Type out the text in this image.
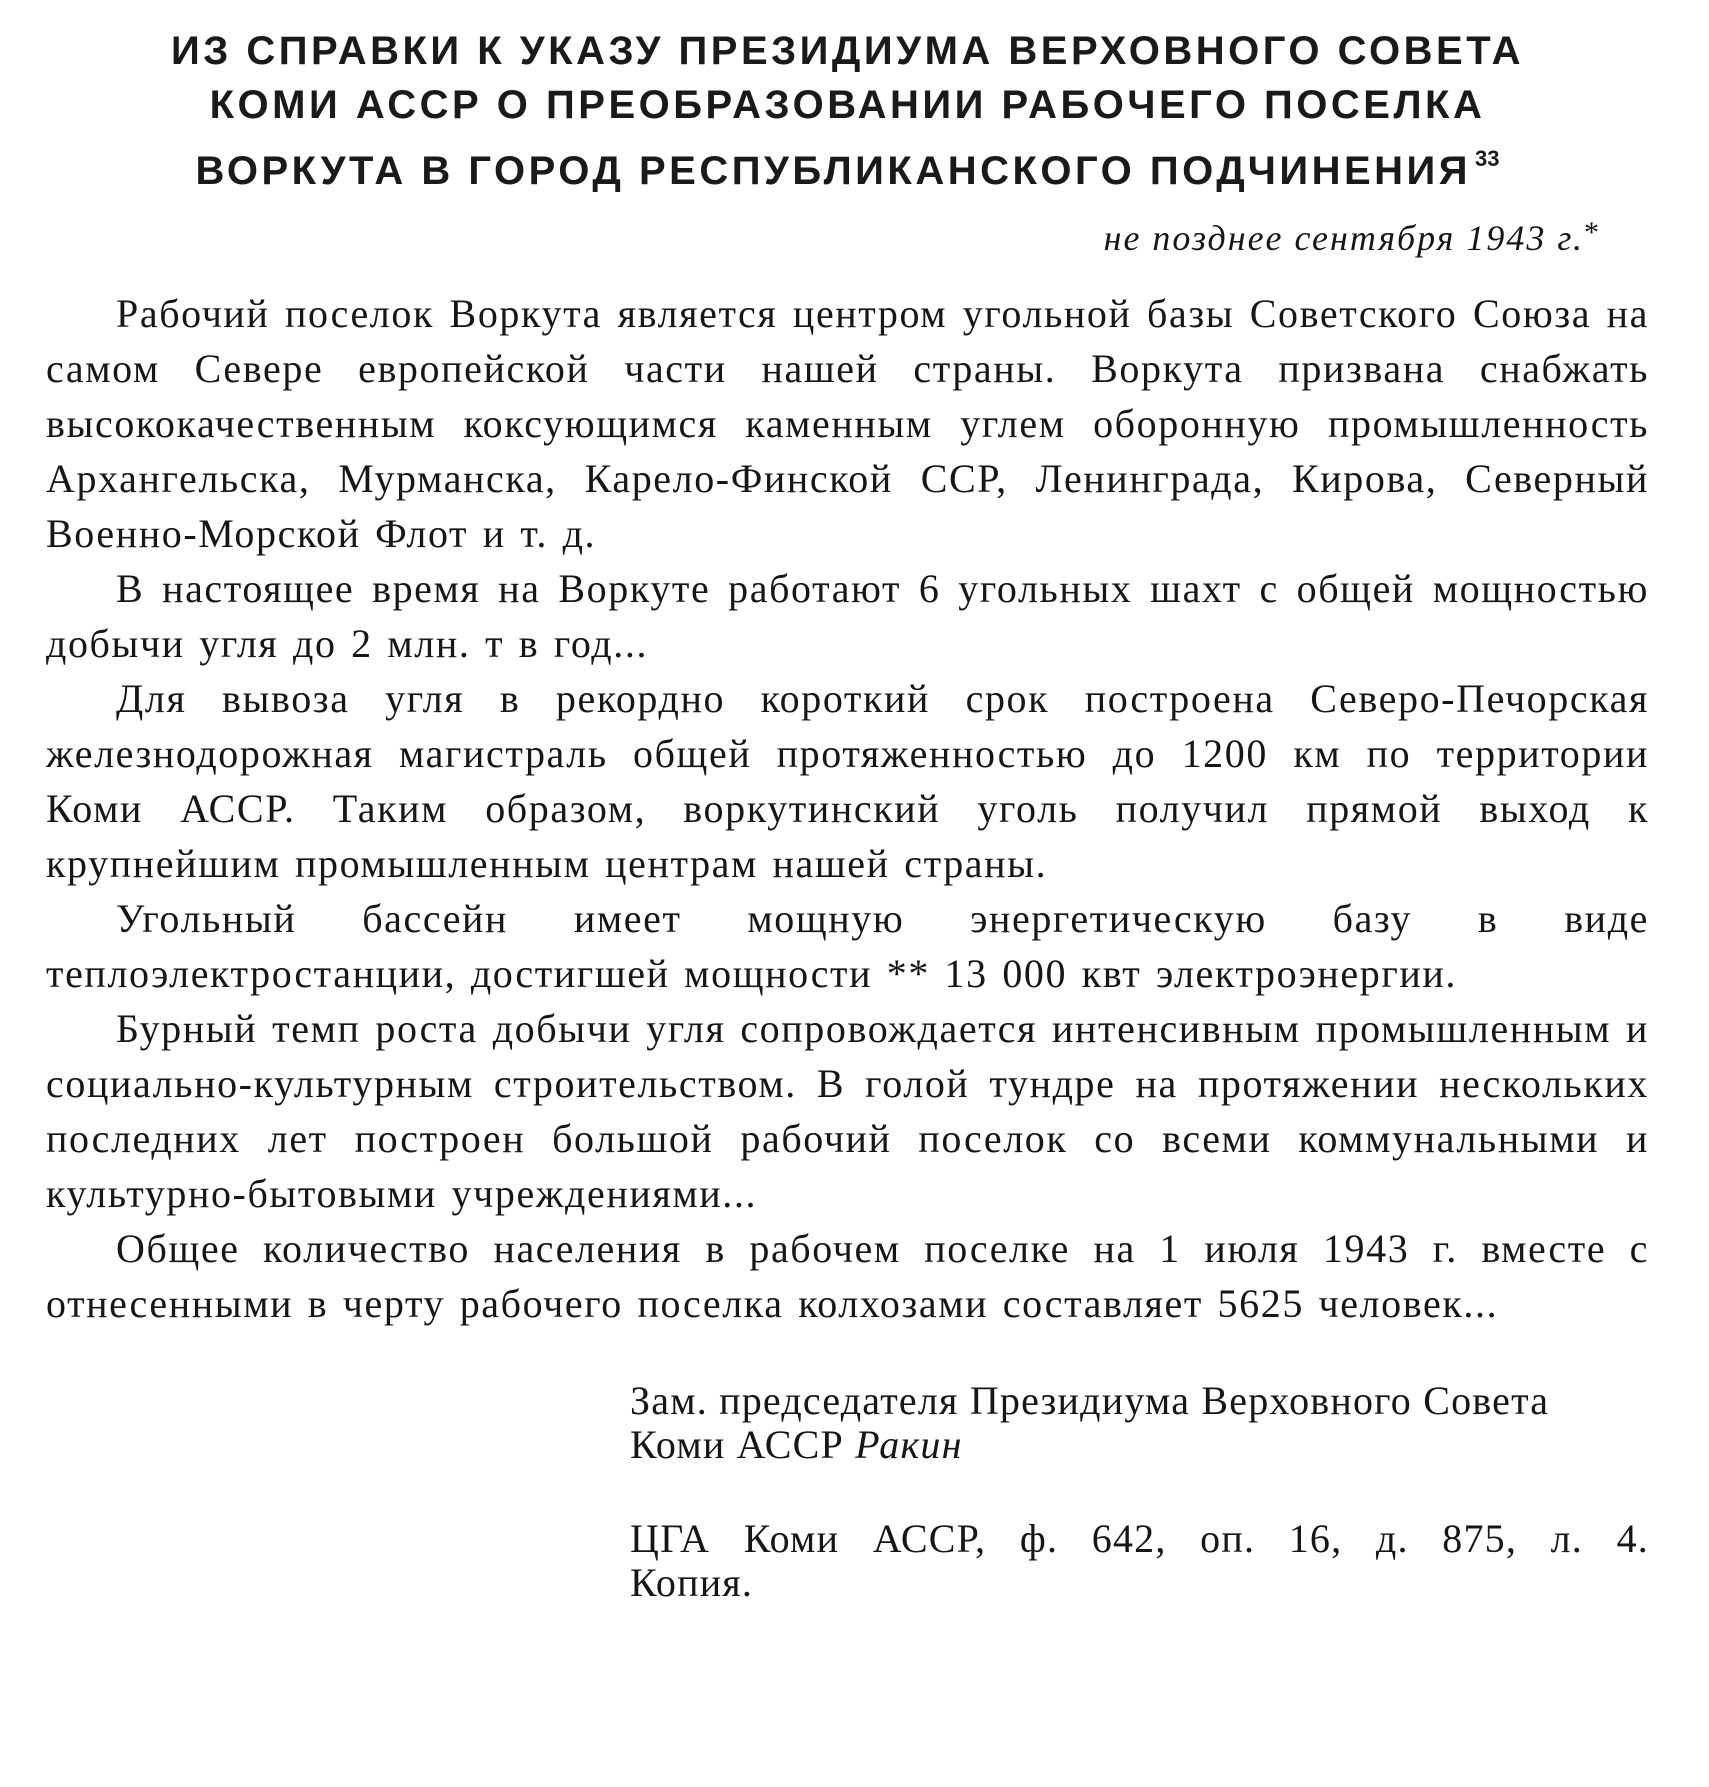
ИЗ СПРАВКИ К УКАЗУ ПРЕЗИДИУМА ВЕРХОВНОГО СОВЕТА
КОМИ АССР О ПРЕОБРАЗОВАНИИ РАБОЧЕГО ПОСЕЛКА
ВОРКУТА В ГОРОД РЕСПУБЛИКАНСКОГО ПОДЧИНЕНИЯ $^{33}$
не позднее сентября 1943 г.*

Рабочий поселок Воркута является центром угольной базы Советского Союза на самом Севере европейской части нашей страны. Воркута призвана снабжать высококачественным коксующимся каменным углем оборонную промышленность Архангельска, Мурманска, Карело-Финской ССР, Ленинграда, Кирова, Северный Военно-Морской Флот и т. д.

В настоящее время на Воркуте работают 6 угольных шахт с общей мощностью добычи угля до 2 млн. т в год...

Для вывоза угля в рекордно короткий срок построена Северо-Печорская железнодорожная магистраль общей протяженностью до 1200 км по территории Коми АССР. Таким образом, воркутинский уголь получил прямой выход к крупнейшим промышленным центрам нашей страны.

Угольный бассейн имеет мощную энергетическую базу в виде теплоэлектростанции, достигшей мощности ** 13 000 квт электроэнергии.

Бурный темп роста добычи угля сопровождается интенсивным промышленным и социально-культурным строительством. В голой тундре на протяжении нескольких последних лет построен большой рабочий поселок со всеми коммунальными и культурно-бытовыми учреждениями...

Общее количество населения в рабочем поселке на 1 июля 1943 г. вместе с отнесенными в черту рабочего поселка колхозами составляет 5625 человек...

Зам. председателя Президиума Верховного Совета
Коми АССР Ракин
ЦГА Коми АССР, ф. 642, оп. 16, д. 875, л. 4.
Копия.
